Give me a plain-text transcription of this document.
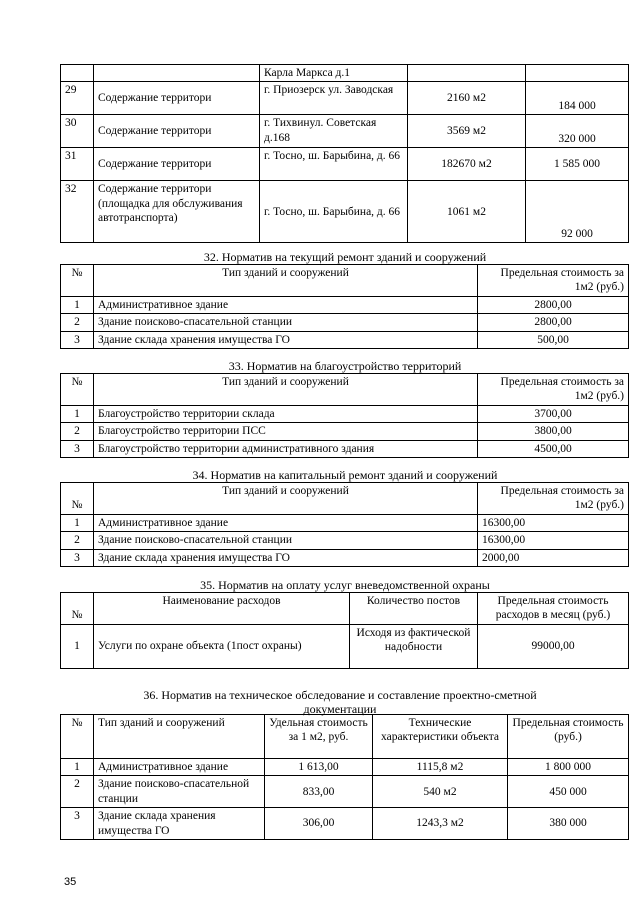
		Карла Маркса д.1		
29	Содержание территори	г. Приозерск ул. Заводская	2160 м2	184 000
30	Содержание территори	г. Тихвинул. Советская д.168	3569 м2	320 000
31	Содержание территори	г. Тосно, ш. Барыбина, д. 66	182670 м2	1 585 000
32	Содержание территори (площадка для обслуживания автотранспорта)	г. Тосно, ш. Барыбина, д. 66	1061 м2	92 000
32. Норматив на текущий ремонт зданий и сооружений
№	Тип зданий и сооружений	Предельная стоимость за 1м2 (руб.)
1	Административное здание	2800,00
2	Здание поисково-спасательной станции	2800,00
3	Здание склада хранения имущества ГО	500,00
33. Норматив на благоустройство территорий
№	Тип зданий и сооружений	Предельная стоимость за 1м2 (руб.)
1	Благоустройство территории склада	3700,00
2	Благоустройство территории ПСС	3800,00
3	Благоустройство территории административного здания	4500,00
34. Норматив на капитальный ремонт зданий и сооружений
№	Тип зданий и сооружений	Предельная стоимость за 1м2 (руб.)
1	Административное здание	16300,00
2	Здание поисково-спасательной станции	16300,00
3	Здание склада хранения имущества ГО	2000,00
35. Норматив на оплату услуг вневедомственной охраны
№	Наименование расходов	Количество постов	Предельная стоимость расходов в месяц (руб.)
1	Услуги по охране объекта (1пост охраны)	Исходя из фактической надобности	99000,00
36. Норматив на техническое обследование и составление проектно-сметной документации
№	Тип зданий и сооружений	Удельная стоимость за 1 м2, руб.	Технические характеристики объекта	Предельная стоимость (руб.)
1	Административное здание	1 613,00	1115,8 м2	1 800 000
2	Здание поисково-спасательной станции	833,00	540 м2	450 000
3	Здание склада хранения имущества ГО	306,00	1243,3 м2	380 000
35
